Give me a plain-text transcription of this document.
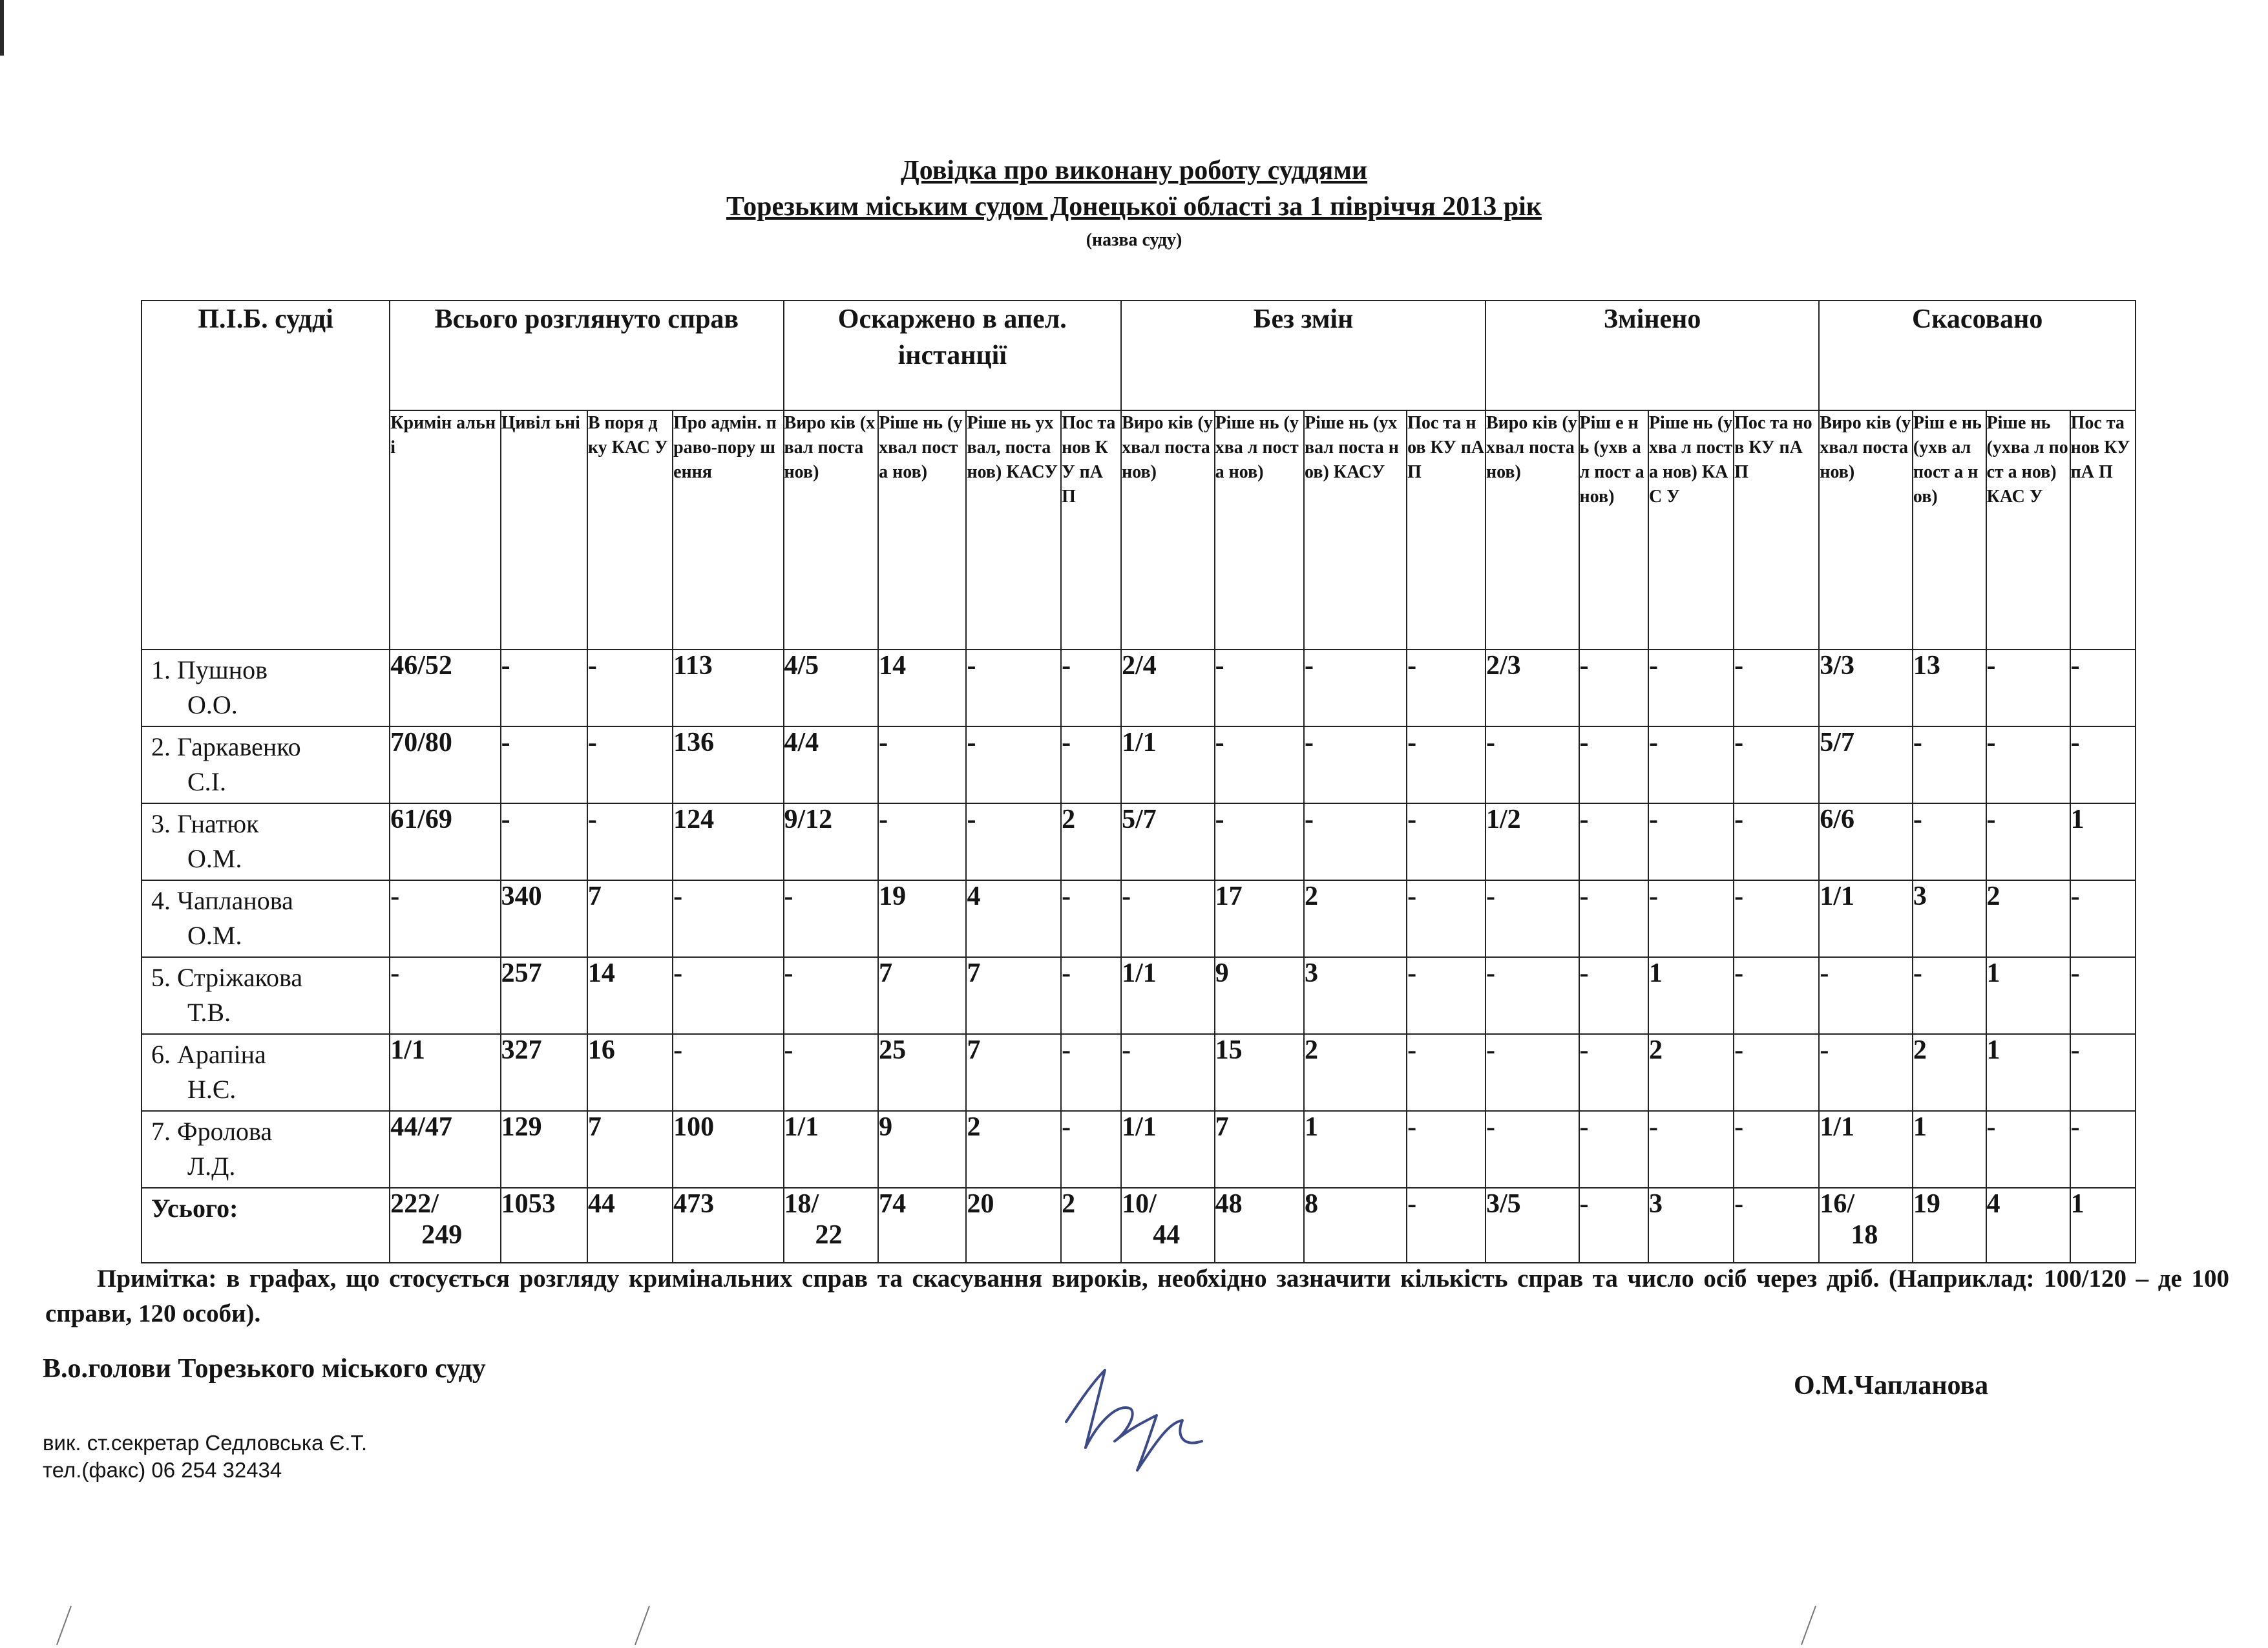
Довідка про виконану роботу суддями
Торезьким міським судом Донецької області за 1 півріччя 2013 рік
(назва суду)
П.І.Б. судді	Всього розглянуто справ				Оскаржено в апел. інстанції				Без змін				Змінено				Скасовано			
	Кримін альні	Цивіл ьні	В поря д ку КАС У	Про адмін. право-пору шення	Виро ків (хвал поста нов)	Ріше нь (ухвал поста нов)	Ріше нь ухвал, поста нов) КАСУ	Пос та нов КУ пА П	Виро ків (ухвал поста нов)	Ріше нь (ухва л поста нов)	Ріше нь (ухвал поста нов) КАСУ	Пос та нов КУ пА П	Виро ків (ухвал поста нов)	Ріш е нь (ухв ал пост а нов)	Ріше нь (ухва л пост а нов) КАС У	Пос та нов КУ пА П	Виро ків (ухвал поста нов)	Ріш е нь (ухв ал пост а нов)	Ріше нь (ухва л пост а нов) КАС У	Пос та нов КУ пА П
1. Пушнов
О.О.	46/52	-	-	113	4/5	14	-	-	2/4	-	-	-	2/3	-	-	-	3/3	13	-	-
2. Гаркавенко
С.І.	70/80	-	-	136	4/4	-	-	-	1/1	-	-	-	-	-	-	-	5/7	-	-	-
3. Гнатюк
О.М.	61/69	-	-	124	9/12	-	-	2	5/7	-	-	-	1/2	-	-	-	6/6	-	-	1
4. Чапланова
О.М.	-	340	7	-	-	19	4	-	-	17	2	-	-	-	-	-	1/1	3	2	-
5. Стріжакова
Т.В.	-	257	14	-	-	7	7	-	1/1	9	3	-	-	-	1	-	-	-	1	-
6. Арапіна
Н.Є.	1/1	327	16	-	-	25	7	-	-	15	2	-	-	-	2	-	-	2	1	-
7. Фролова
Л.Д.	44/47	129	7	100	1/1	9	2	-	1/1	7	1	-	-	-	-	-	1/1	1	-	-
Усього:	222/
249	1053	44	473	18/
22	74	20	2	10/
44	48	8	-	3/5	-	3	-	16/
18	19	4	1
Примітка: в графах, що стосується розгляду кримінальних справ та скасування вироків, необхідно зазначити кількість справ та число осіб через дріб. (Наприклад: 100/120 – де 100 справи, 120 особи).
В.о.голови Торезького міського суду
О.М.Чапланова
вик. ст.секретар Седловська Є.Т.
тел.(факс) 06 254 32434
